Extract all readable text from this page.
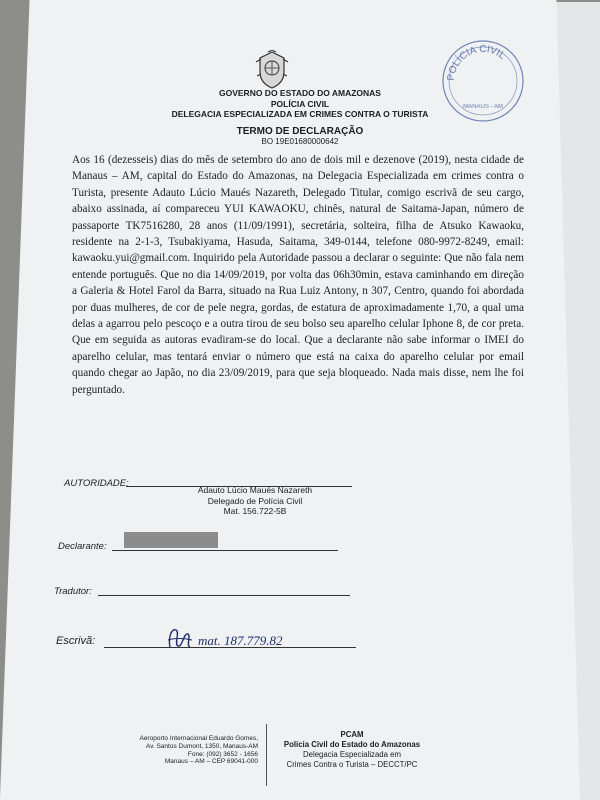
POLÍCIA CIVIL
MANAUS - AM
GOVERNO DO ESTADO DO AMAZONAS
POLÍCIA CIVIL
DELEGACIA ESPECIALIZADA EM CRIMES CONTRA O TURISTA
TERMO DE DECLARAÇÃO
BO 19E01680000642
Aos 16 (dezesseis) dias do mês de setembro do ano de dois mil e dezenove (2019), nesta cidade de Manaus – AM, capital do Estado do Amazonas, na Delegacia Especializada em crimes contra o Turista, presente Adauto Lúcio Maués Nazareth, Delegado Titular, comigo escrivã de seu cargo, abaixo assinada, aí compareceu YUI KAWAOKU, chinês, natural de Saitama-Japan, número de passaporte TK7516280, 28 anos (11/09/1991), secretária, solteira, filha de Atsuko Kawaoku, residente na 2-1-3, Tsubakiyama, Hasuda, Saitama, 349-0144, telefone 080-9972-8249, email: kawaoku.yui@gmail.com. Inquirido pela Autoridade passou a declarar o seguinte: Que não fala nem entende português. Que no dia 14/09/2019, por volta das 06h30min, estava caminhando em direção a Galeria & Hotel Farol da Barra, situado na Rua Luiz Antony, n 307, Centro, quando foi abordada por duas mulheres, de cor de pele negra, gordas, de estatura de aproximadamente 1,70, a qual uma delas a agarrou pelo pescoço e a outra tirou de seu bolso seu aparelho celular Iphone 8, de cor preta. Que em seguida as autoras evadiram-se do local. Que a declarante não sabe informar o IMEI do aparelho celular, mas tentará enviar o número que está na caixa do aparelho celular por email quando chegar ao Japão, no dia 23/09/2019, para que seja bloqueado. Nada mais disse, nem lhe foi perguntado.
AUTORIDADE:
Adauto Lúcio Maués Nazareth
Delegado de Polícia Civil
Mat. 156.722-5B
Declarante:
Tradutor:
Escrivã:	mat. 187.779.82
Aeroporto Internacional Eduardo Gomes,
Av. Santos Dumont, 1350, Manaus-AM
Fone: (092) 3652 - 1656
Manaus – AM – CEP 69041-000
PCAM
Polícia Civil do Estado do Amazonas
Delegacia Especializada em
Crimes Contra o Turista – DECCT/PC
